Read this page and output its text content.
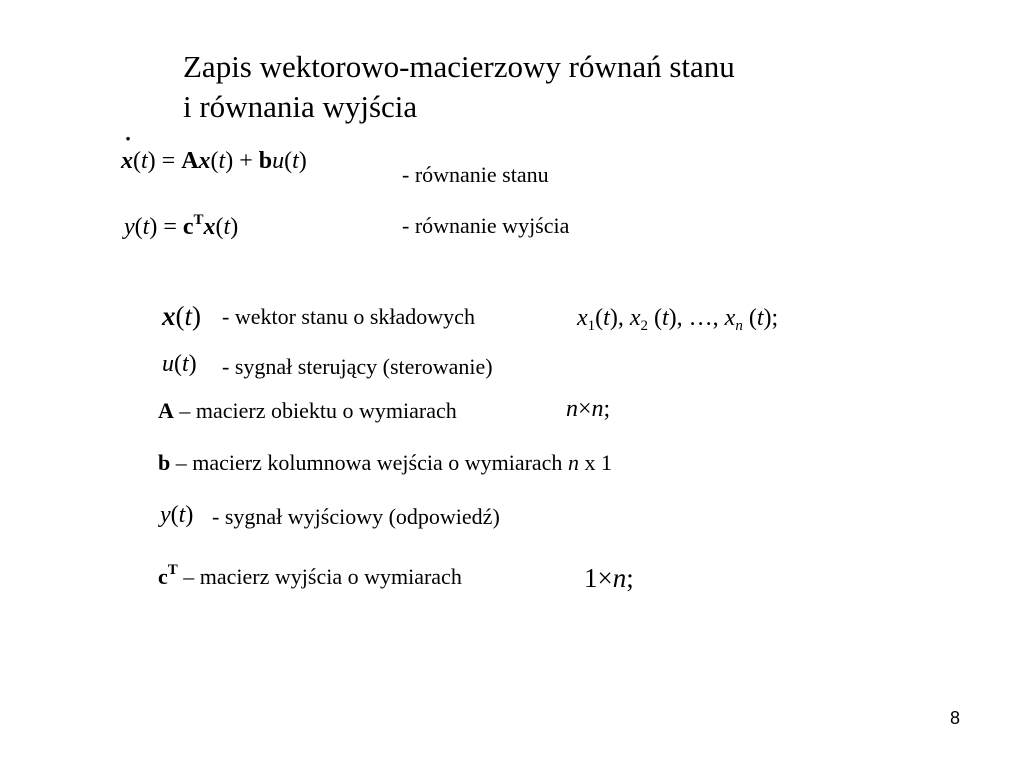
Zapis wektorowo-macierzowy równań stanu
i równania wyjścia
˙ x(t) = Ax(t) + bu(t)
- równanie stanu
$y(t) = c^Tx(t)$	- równanie wyjścia
x(t) - wektor stanu o składowych	$x_1(t)$, $x_2$ (t), …, $x_n$ (t);
u(t) - sygnał sterujący (sterowanie)
A – macierz obiektu o wymiarach	n×n;
b – macierz kolumnowa wejścia o wymiarach n x 1
y(t) - sygnał wyjściowy (odpowiedź)
$c^T$ – macierz wyjścia o wymiarach	1×n;
8
